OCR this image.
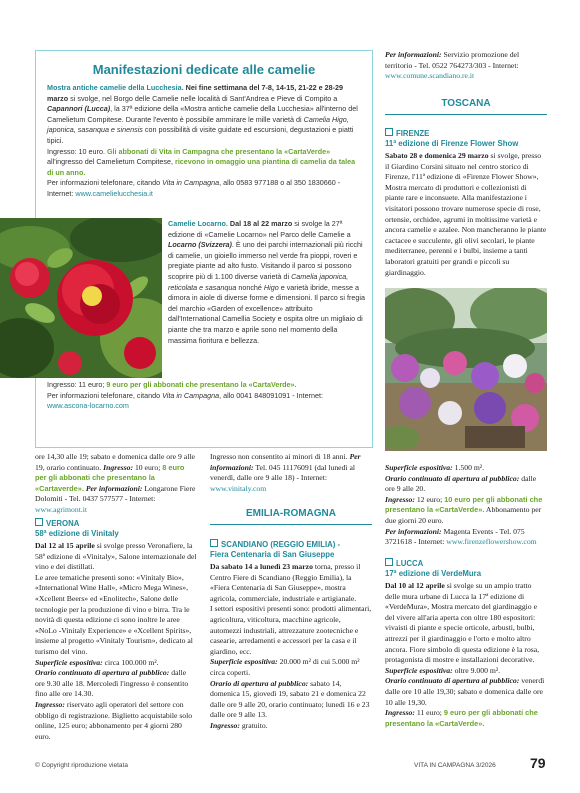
Manifestazioni dedicate alle camelie
Mostra antiche camelie della Lucchesia. Nei fine settimana del 7-8, 14-15, 21-22 e 28-29 marzo si svolge, nel Borgo delle Camelie nelle località di Sant'Andrea e Pieve di Compito a Capannori (Lucca), la 37ª edizione della «Mostra antiche camelie della Lucchesia» all'interno del Camelietum Compitese. Durante l'evento è possibile ammirare le mille varietà di Camelia Higo, japonica, sasanqua e sinensis con possibilità di visite guidate ed escursioni, degustazioni e piatti tipici.
Ingresso: 10 euro. Gli abbonati di Vita in Campagna che presentano la «CartaVerde» all'ingresso del Camelietum Compitese, ricevono in omaggio una piantina di camelia da talea di un anno.
Per informazioni telefonare, citando Vita in Campagna, allo 0583 977188 o al 350 1830660 - Internet: www.camelielucchesia.it
Camelie Locarno. Dal 18 al 22 marzo si svolge la 27ª edizione di «Camelie Locarno» nel Parco delle Camelie a Locarno (Svizzera). È uno dei parchi internazionali più ricchi di camelie, un gioiello immerso nel verde fra pioppi, roveri e pregiate piante ad alto fusto. Visitando il parco si possono scoprire più di 1.100 diverse varietà di Camelia japonica, reticolata e sasanqua nonché Higo e varietà ibride, messe a dimora in aiole di diverse forme e dimensioni. Il parco si fregia del marchio «Garden of excellence» attribuito dall'International Camellia Society e ospita oltre un migliaio di piante che tra marzo e aprile sono nel momento della massima fioritura e bellezza.
Ingresso: 11 euro; 9 euro per gli abbonati che presentano la «CartaVerde».
Per informazioni telefonare, citando Vita in Campagna, allo 0041 848091091 - Internet: www.ascona-locarno.com
ore 14,30 alle 19; sabato e domenica dalle ore 9 alle 19, orario continuato. Ingresso: 10 euro; 8 euro per gli abbonati che presentano la «Cartaverde». Per informazioni: Longarone Fiere Dolomiti - Tel. 0437 577577 - Internet: www.agrimont.it
VERONA
58ª edizione di Vinitaly
Dal 12 al 15 aprile si svolge presso Veronafiere, la 58ª edizione di «Vinitaly», Salone internazionale del vino e dei distillati.
Le aree tematiche presenti sono: «Vinitaly Bio», «International Wine Hall», «Micro Mega Wines», «Xcellent Beers» ed «Enolitech», Salone delle tecnologie per la produzione di vino e birra. Tra le novità di questa edizione ci sono inoltre le aree «NoLo -Vinitaly Experience» e «Xcellent Spirits», insieme al progetto «Vinitaly Tourism», dedicato al turismo del vino.
Superficie espositiva: circa 100.000 m².
Orario continuato di apertura al pubblico: dalle ore 9.30 alle 18. Mercoledì l'ingresso è consentito fino alle ore 14.30.
Ingresso: riservato agli operatori del settore con obbligo di registrazione. Biglietto acquistabile solo online, 125 euro; abbonamento per 4 giorni 280 euro.
Ingresso non consentito ai minori di 18 anni. Per informazioni: Tel. 045 11176091 (dal lunedì al venerdì, dalle ore 9 alle 18) - Internet: www.vinitaly.com
EMILIA-ROMAGNA
SCANDIANO (REGGIO EMILIA) -
Fiera Centenaria di San Giuseppe
Da sabato 14 a lunedì 23 marzo torna, presso il Centro Fiere di Scandiano (Reggio Emilia), la «Fiera Centenaria di San Giuseppe», mostra agricola, commerciale, industriale e artigianale.
I settori espositivi presenti sono: prodotti alimentari, agricoltura, viticoltura, macchine agricole, automezzi industriali, attrezzature zootecniche e casearie, arredamenti e accessori per la casa e il giardino, ecc.
Superficie espositiva: 20.000 m² di cui 5.000 m² circa coperti.
Orario di apertura al pubblico: sabato 14, domenica 15, giovedì 19, sabato 21 e domenica 22 dalle ore 9 alle 20, orario continuato; lunedì 16 e 23 dalle ore 9 alle 13.
Ingresso: gratuito.
Per informazioni: Servizio promozione del territorio - Tel. 0522 764273/303 - Internet: www.comune.scandiano.re.it
TOSCANA
FIRENZE
11ª edizione di Firenze Flower Show
Sabato 28 e domenica 29 marzo si svolge, presso il Giardino Corsini situato nel centro storico di Firenze, l'11ª edizione di «Firenze Flower Show», Mostra mercato di produttori e collezionisti di piante rare e inconsuete. Alla manifestazione i visitatori possono trovare numerose specie di rose, ortensie, orchidee, agrumi in moltissime varietà e ancora camelie e azalee. Non mancheranno le piante cactacee e succulente, gli olivi secolari, le piante mediterranee, perenni e i bulbi, insieme a tanti laboratori gratuiti per grandi e piccoli su giardinaggio.
Superficie espositiva: 1.500 m².
Orario continuato di apertura al pubblico: dalle ore 9 alle 20.
Ingresso: 12 euro; 10 euro per gli abbonati che presentano la «CartaVerde». Abbonamento per due giorni 20 euro.
Per informazioni: Magenta Events - Tel. 075 3721618 - Internet: www.firenzeflowershow.com
LUCCA
17ª edizione di VerdeMura
Dal 10 al 12 aprile si svolge su un ampio tratto delle mura urbane di Lucca la 17ª edizione di «VerdeMura», Mostra mercato del giardinaggio e del vivere all'aria aperta con oltre 180 espositori: vivaisti di piante e specie orticole, arbusti, bulbi, attrezzi per il giardinaggio e l'orto e molto altro ancora. Fiore simbolo di questa edizione è la rosa, protagonista di mostre e installazioni decorative.
Superficie espositiva: oltre 9.000 m².
Orario continuato di apertura al pubblico: venerdì dalle ore 10 alle 19,30; sabato e domenica dalle ore 10 alle 19,30.
Ingresso: 11 euro; 9 euro per gli abbonati che presentano la «CartaVerde».
© Copyright riproduzione vietata	VITA IN CAMPAGNA 3/2026 79
